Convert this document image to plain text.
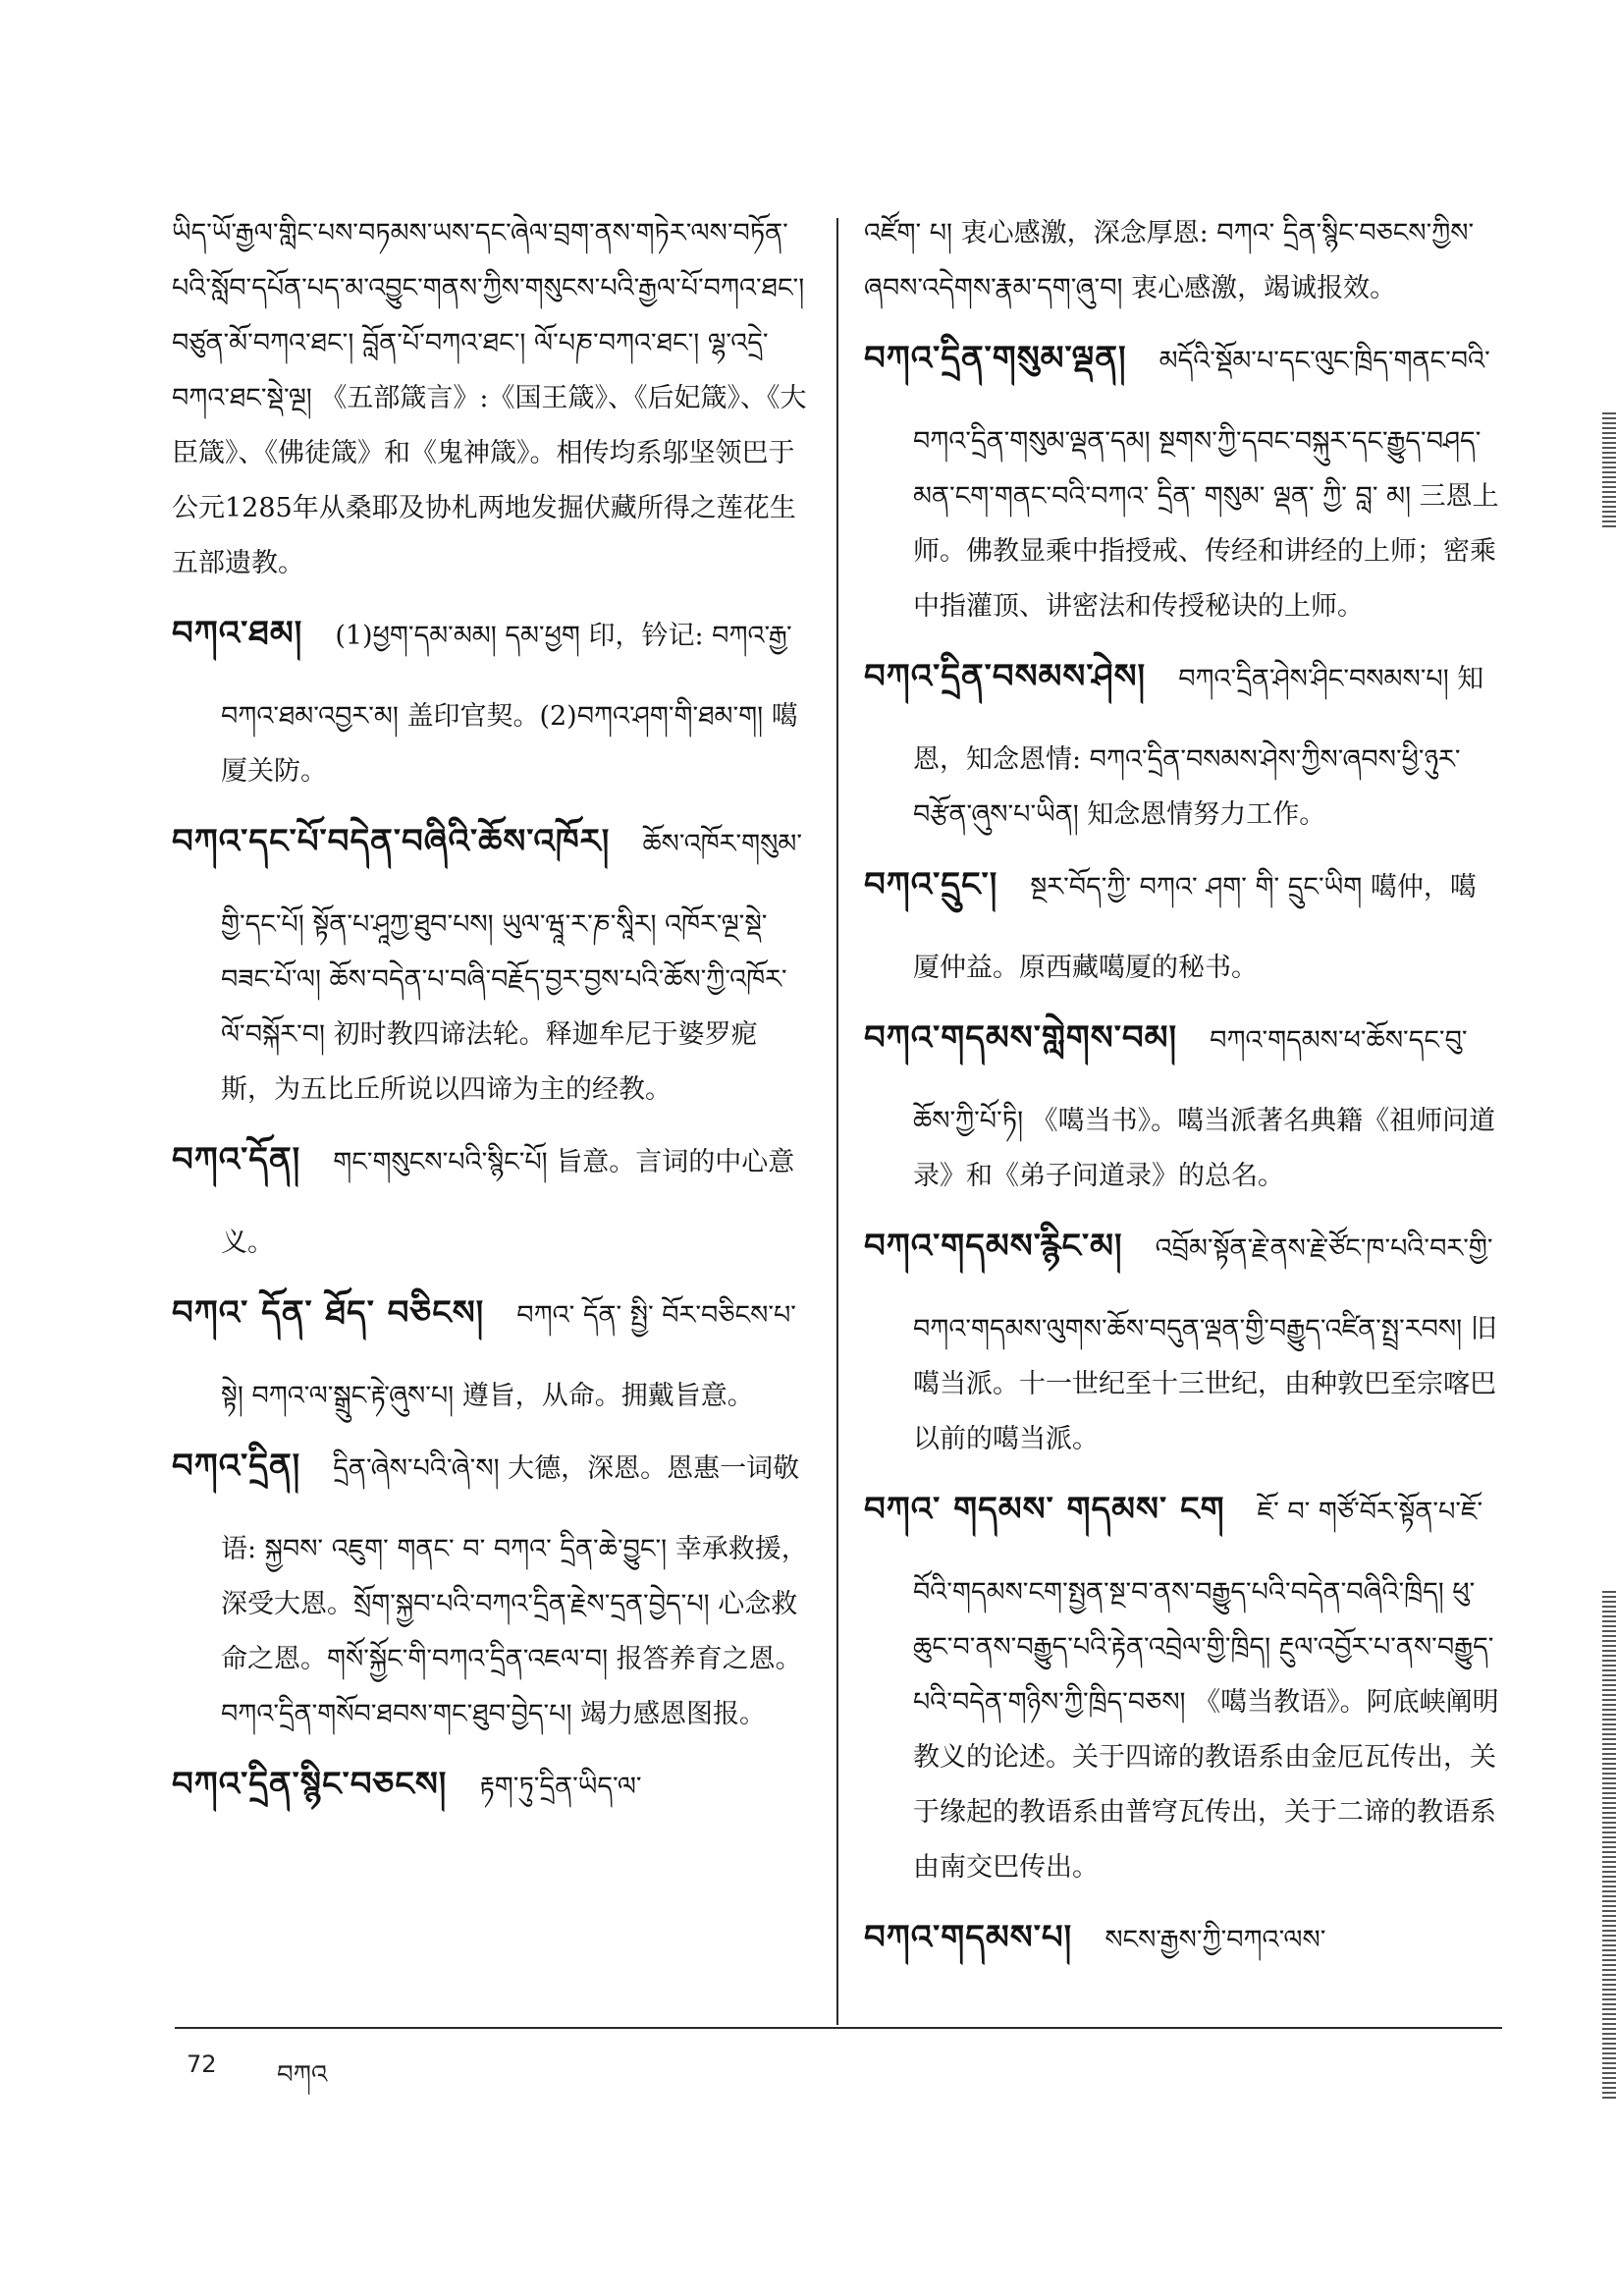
ཡིད་ཡོ་རྒྱལ་གླིང་པས་བཏམས་ཡས་དང་ཞེལ་བྲག་ནས་གཏེར་ལས་བཏོན་པའི་སློབ་དཔོན་པད་མ་འབྱུང་གནས་ཀྱིས་གསུངས་པའི་རྒྱལ་པོ་བཀའ་ཐང་། བཙུན་མོ་བཀའ་ཐང་། བློན་པོ་བཀའ་ཐང་། ལོ་པཎ་བཀའ་ཐང་། ལྷ་འདྲེ་བཀའ་ཐང་སྡེ་ལྔ། 《五部箴言》:《国王箴》、《后妃箴》、《大臣箴》、《佛徒箴》和《鬼神箴》。相传均系邬坚领巴于公元1285年从桑耶及协札两地发掘伏藏所得之莲花生五部遗教。
བཀའ་ཐམ། (1)ཕྱག་དམ་མམ། དམ་ཕྱག 印，钤记: བཀའ་རྒྱ་བཀའ་ཐམ་འབྱར་མ། 盖印官契。(2)བཀའ་ཤག་གི་ཐམ་ག། 噶厦关防。
བཀའ་དང་པོ་བདེན་བཞིའི་ཆོས་འཁོར། ཆོས་འཁོར་གསུམ་གྱི་དང་པོ། སྟོན་པ་ཤཱཀྱ་ཐུབ་པས། ཡུལ་ཝཱ་ར་ཎ་སཱིར། འཁོར་ལྔ་སྡེ་བཟང་པོ་ལ། ཆོས་བདེན་པ་བཞི་བརྗོད་བྱར་བྱས་པའི་ཆོས་ཀྱི་འཁོར་ལོ་བསྐོར་བ། 初时教四谛法轮。释迦牟尼于婆罗痆斯，为五比丘所说以四谛为主的经教。
བཀའ་དོན། གང་གསུངས་པའི་སྙིང་པོ། 旨意。言词的中心意义。
བཀའ་ དོན་ ཐོད་ བཅིངས། བཀའ་ དོན་ སྤྱི་ བོར་བཅིངས་པ་སྟེ། བཀའ་ལ་སྒྲུང་རྟེ་ཞུས་པ། 遵旨，从命。拥戴旨意。
བཀའ་དྲིན། དྲིན་ཞེས་པའི་ཞེ་ས། 大德，深恩。恩惠一词敬语: སྐྱབས་ འཇུག་ གནང་ བ་ བཀའ་ དྲིན་ཆེ་བྱུང་། 幸承救援，深受大恩。སྲོག་སྐྱབ་པའི་བཀའ་དྲིན་རྗེས་དྲན་བྱེད་པ། 心念救命之恩。གསོ་སྐྱོང་གི་བཀའ་དྲིན་འཇལ་བ། 报答养育之恩。བཀའ་དྲིན་གསོབ་ཐབས་གང་ཐུབ་བྱེད་པ། 竭力感恩图报。
བཀའ་དྲིན་སྙིང་བཅངས། རྟག་ཏུ་དྲིན་ཡིད་ལ་
འཛོག་ པ། 衷心感激，深念厚恩: བཀའ་ དྲིན་སྙིང་བཅངས་ཀྱིས་ཞབས་འདེགས་རྣམ་དག་ཞུ་བ། 衷心感激，竭诚报效。
བཀའ་དྲིན་གསུམ་ལྡན། མདོའི་སྡོམ་པ་དང་ལུང་ཁྲིད་གནང་བའི་བཀའ་དྲིན་གསུམ་ལྡན་དམ། སྔགས་ཀྱི་དབང་བསྐུར་དང་རྒྱུད་བཤད་མན་ངག་གནང་བའི་བཀའ་ དྲིན་ གསུམ་ ལྡན་ ཀྱི་ བླ་ མ། 三恩上师。佛教显乘中指授戒、传经和讲经的上师；密乘中指灌顶、讲密法和传授秘诀的上师。
བཀའ་དྲིན་བསམས་ཤེས། བཀའ་དྲིན་ཤེས་ཤིང་བསམས་པ། 知恩，知念恩情: བཀའ་དྲིན་བསམས་ཤེས་ཀྱིས་ཞབས་ཕྱི་ཉུར་བརྩོན་ཞུས་པ་ཡིན། 知念恩情努力工作。
བཀའ་དྲུང་། སྔར་བོད་ཀྱི་ བཀའ་ ཤག་ གི་ དྲུང་ཡིག 噶仲，噶厦仲益。原西藏噶厦的秘书。
བཀའ་གདམས་གླེགས་བམ། བཀའ་གདམས་ཕ་ཆོས་དང་བུ་ཆོས་ཀྱི་པོ་ཏི། 《噶当书》。噶当派著名典籍《祖师问道录》和《弟子问道录》的总名。
བཀའ་གདམས་རྙིང་མ། འབྲོམ་སྟོན་རྗེ་ནས་རྗེ་ཙོང་ཁ་པའི་བར་གྱི་བཀའ་གདམས་ལུགས་ཆོས་བདུན་ལྡན་གྱི་བརྒྱུད་འཛིན་སྤྲ་རབས། 旧噶当派。十一世纪至十三世纪，由种敦巴至宗喀巴以前的噶当派。
བཀའ་ གདམས་ གདམས་ ངག ཇོ་ བ་ གཙོ་བོར་སྟོན་པ་ཇོ་བོའི་གདམས་ངག་སྤྱན་སྔ་བ་ནས་བརྒྱུད་པའི་བདེན་བཞིའི་ཁྲིད། ཕུ་ཆུང་བ་ནས་བརྒྱུད་པའི་རྟེན་འབྲེལ་གྱི་ཁྲིད། རྔུལ་འབྱོར་པ་ནས་བརྒྱུད་པའི་བདེན་གཉིས་ཀྱི་ཁྲིད་བཅས། 《噶当教语》。阿底峡阐明教义的论述。关于四谛的教语系由金厄瓦传出，关于缘起的教语系由普穹瓦传出，关于二谛的教语系由南交巴传出。
བཀའ་གདམས་པ། སངས་རྒྱས་ཀྱི་བཀའ་ལས་
72 བཀའ
